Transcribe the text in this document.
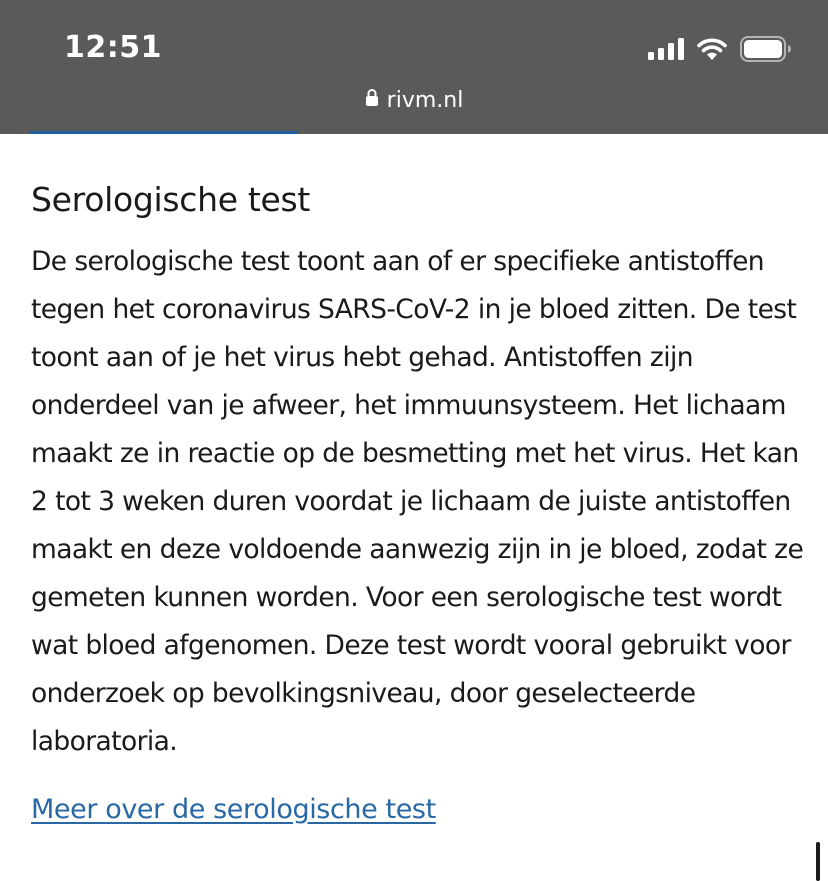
12:51
rivm.nl
Serologische test

De serologische test toont aan of er specifieke antistoffen tegen het coronavirus SARS-CoV-2 in je bloed zitten. De test toont aan of je het virus hebt gehad. Antistoffen zijn onderdeel van je afweer, het immuunsysteem. Het lichaam maakt ze in reactie op de besmetting met het virus. Het kan 2 tot 3 weken duren voordat je lichaam de juiste antistoffen maakt en deze voldoende aanwezig zijn in je bloed, zodat ze gemeten kunnen worden. Voor een serologische test wordt wat bloed afgenomen. Deze test wordt vooral gebruikt voor onderzoek op bevolkingsniveau, door geselecteerde laboratoria.

Meer over de serologische test
